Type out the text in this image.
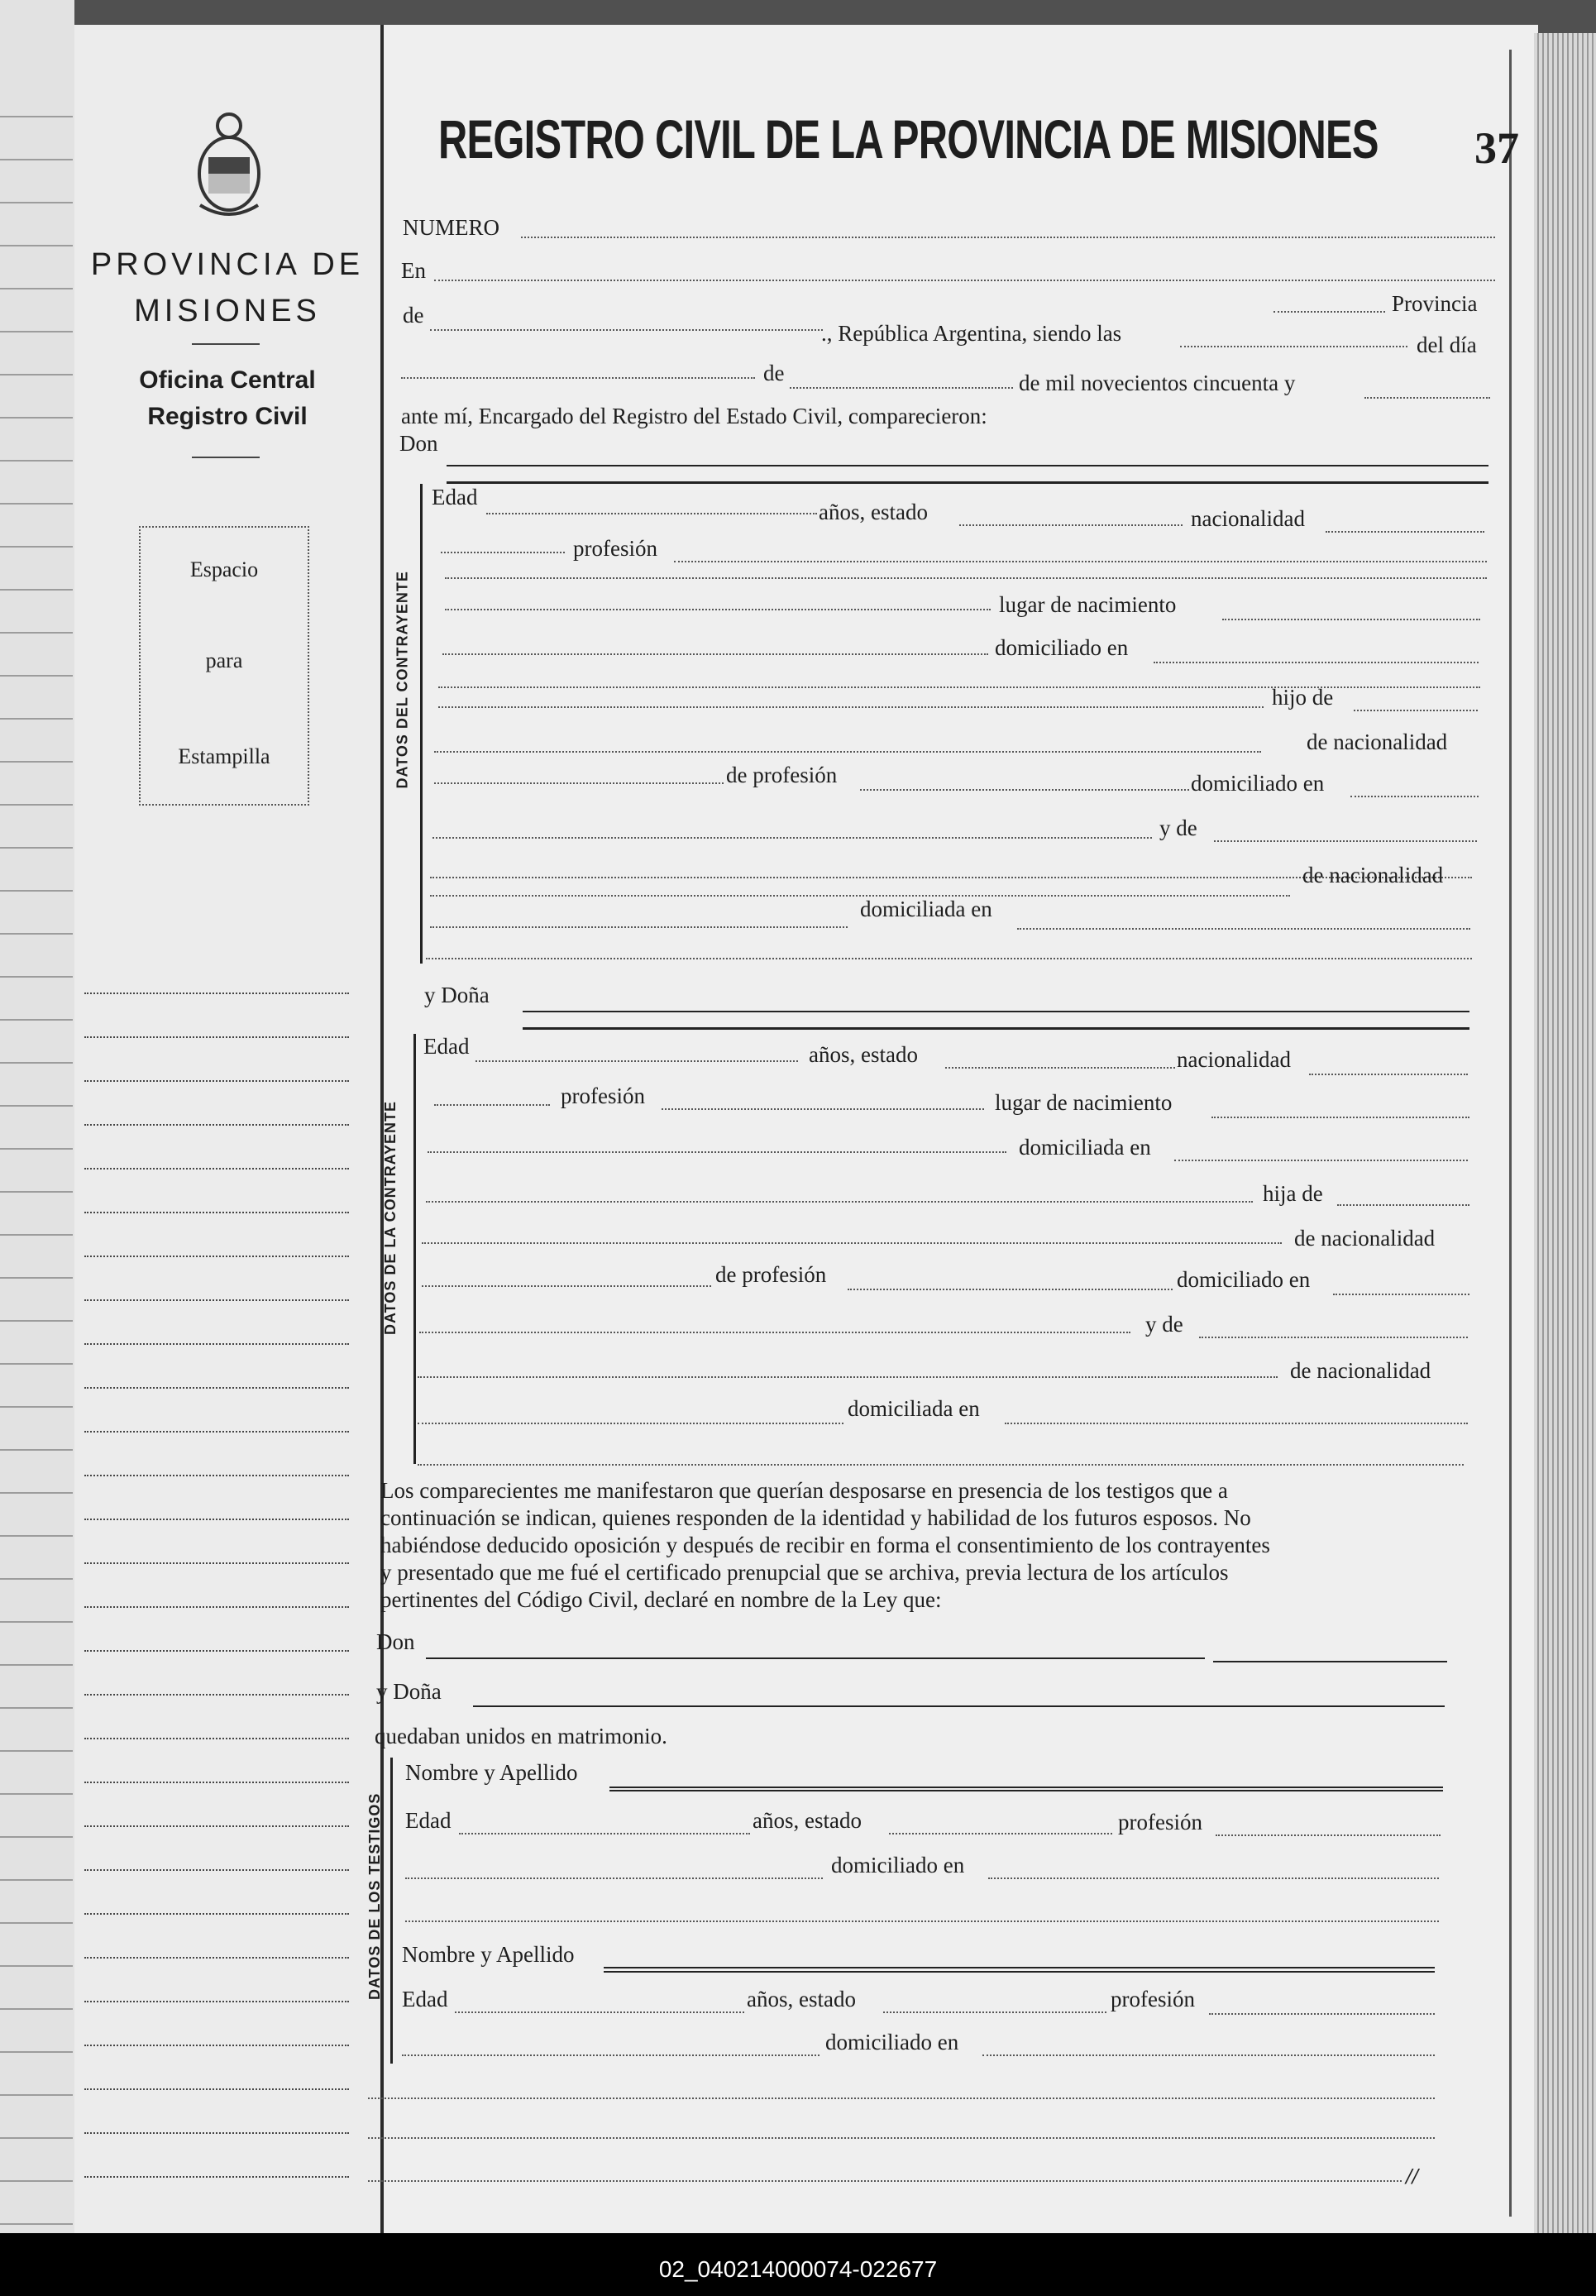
PROVINCIA DE
MISIONES
Oficina Central
Registro Civil
Espacio
para
Estampilla
REGISTRO CIVIL DE LA PROVINCIA DE MISIONES 37
NUMERO
En
Provincia
de
., República Argentina, siendo las	del día
de	de mil novecientos cincuenta y
ante mí, Encargado del Registro del Estado Civil, comparecieron:
Don
DATOS DEL CONTRAYENTE
Edad
años, estado	nacionalidad
profesión
lugar de nacimiento
domiciliado en
hijo de
de nacionalidad
de profesión	domiciliado en
y de
de nacionalidad
domiciliada en
y Doña
DATOS DE LA CONTRAYENTE
Edad	años, estado	nacionalidad
profesión	lugar de nacimiento
domiciliada en
hija de
de nacionalidad
de profesión	domiciliado en
y de
de nacionalidad
domiciliada en
Los comparecientes me manifestaron que querían desposarse en presencia de los testigos que a
continuación se indican, quienes responden de la identidad y habilidad de los futuros esposos. No
habiéndose deducido oposición y después de recibir en forma el consentimiento de los contrayentes
y presentado que me fué el certificado prenupcial que se archiva, previa lectura de los artículos
pertinentes del Código Civil, declaré en nombre de la Ley que:
Don
y Doña
quedaban unidos en matrimonio.
DATOS DE LOS TESTIGOS
Nombre y Apellido
Edad	años, estado	profesión
domiciliado en
Nombre y Apellido
Edad	años, estado	profesión
domiciliado en
//
02_040214000074-022677
